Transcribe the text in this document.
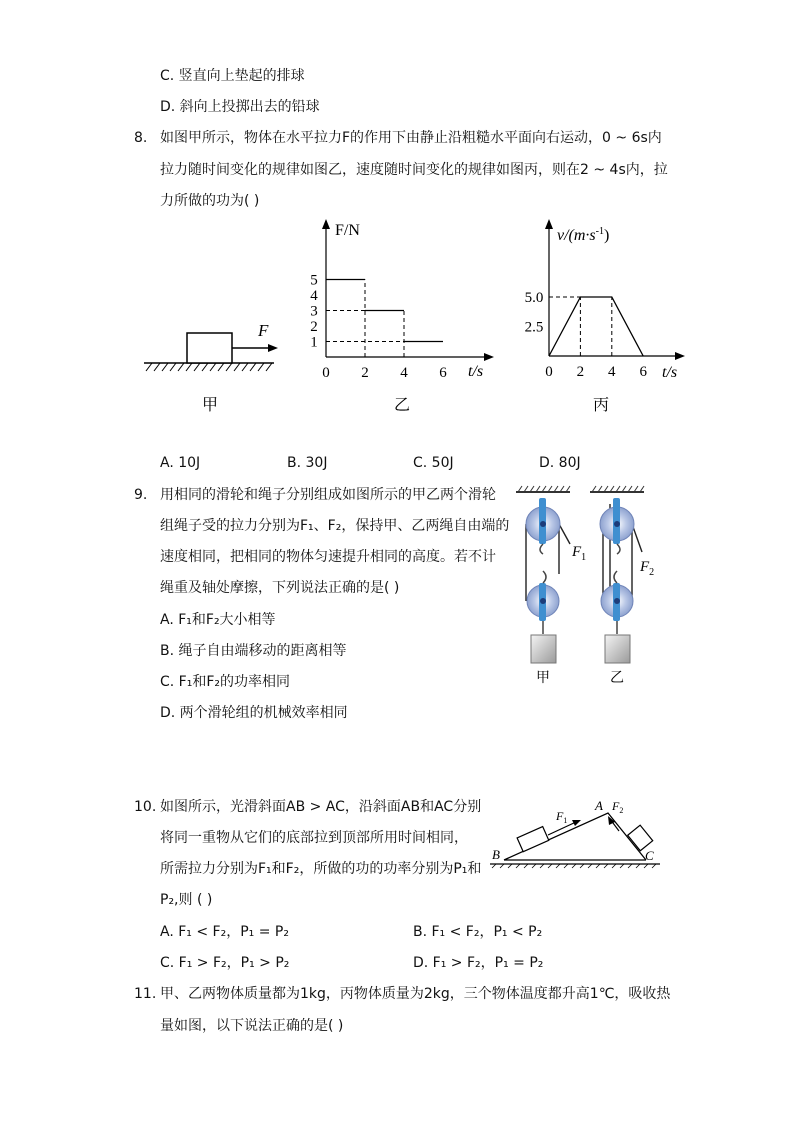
C. 竖直向上垫起的排球
D. 斜向上投掷出去的铅球
8. 如图甲所示，物体在水平拉力F的作用下由静止沿粗糙水平面向右运动，0 ~ 6s内
拉力随时间变化的规律如图乙，速度随时间变化的规律如图丙，则在2 ~ 4s内，拉
力所做的功为( )
F
甲
F/N
t/s
5
4
3
2
1
0 2 4 6
乙
$v/(m\cdot s^{-1})$
t/s
5.0
2.5
0 2 4 6
丙
A. 10J	B. 30J	C. 50J	D. 80J
9. 用相同的滑轮和绳子分别组成如图所示的甲乙两个滑轮
组绳子受的拉力分别为F₁、F₂，保持甲、乙两绳自由端的
速度相同，把相同的物体匀速提升相同的高度。若不计
绳重及轴处摩擦，下列说法正确的是( )
A. F₁和F₂大小相等
B. 绳子自由端移动的距离相等
C. F₁和F₂的功率相同
D. 两个滑轮组的机械效率相同
$F_1$
甲
$F_2$
乙
10. 如图所示，光滑斜面AB > AC，沿斜面AB和AC分别
将同一重物从它们的底部拉到顶部所用时间相同，
所需拉力分别为F₁和F₂，所做的功的功率分别为P₁和
P₂,则 ( )
$F_1$
$F_2$
A
B	C
A. F₁ < F₂，P₁ = P₂	B. F₁ < F₂，P₁ < P₂
C. F₁ > F₂，P₁ > P₂	D. F₁ > F₂，P₁ = P₂
11. 甲、乙两物体质量都为1kg，丙物体质量为2kg，三个物体温度都升高1℃，吸收热
量如图，以下说法正确的是( )
